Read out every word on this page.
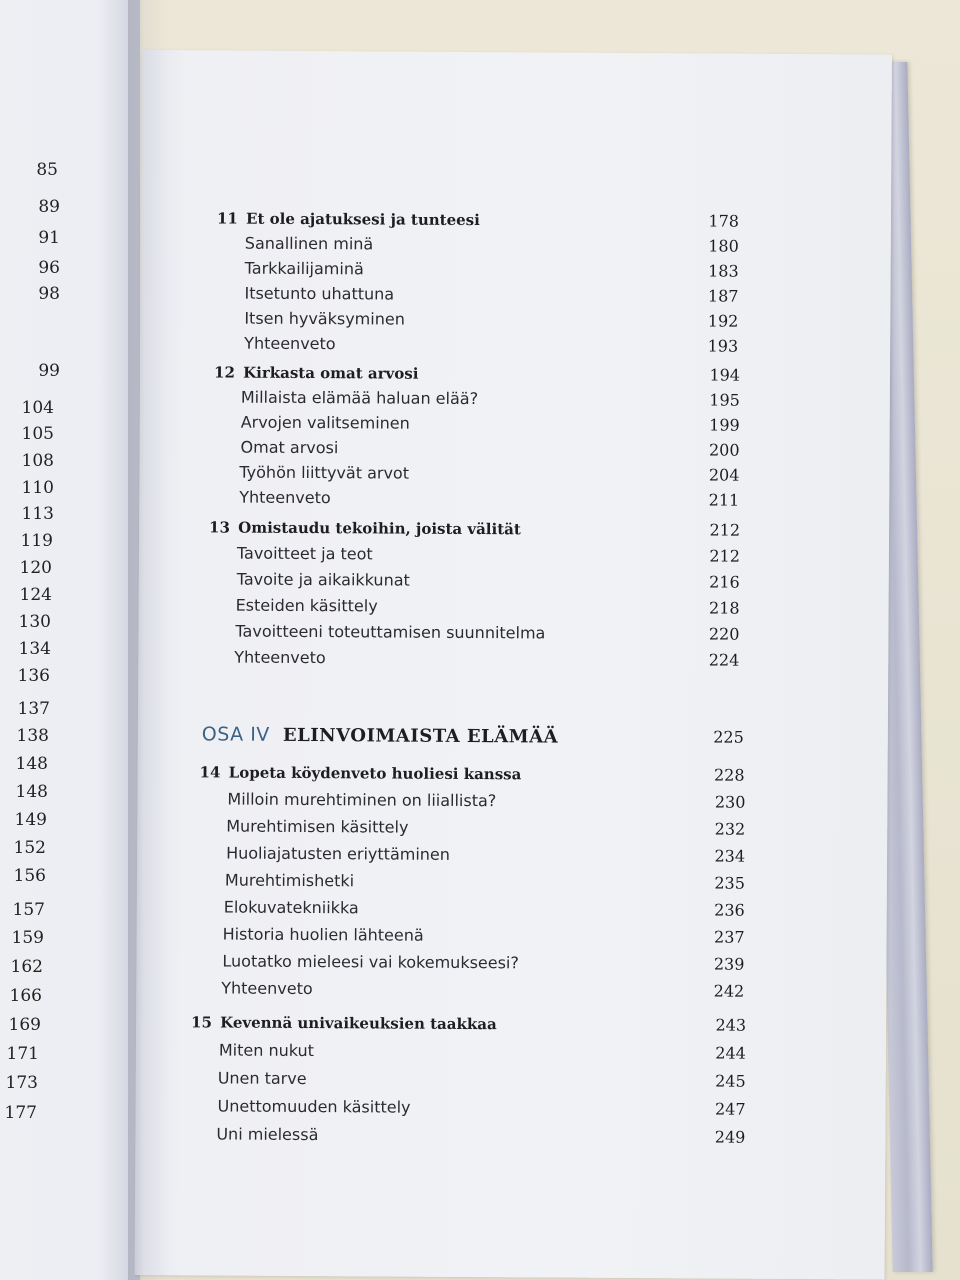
85
89
91
96
98
99
104
105
108
110
113
119
120
124
130
134
136
137
138
148
148
149
152
156
157
159
162
166
169
171
173
177
11 Et ole ajatuksesi ja tunteesi	178
Sanallinen minä	180
Tarkkailijaminä	183
Itsetunto uhattuna	187
Itsen hyväksyminen	192
Yhteenveto	193
12 Kirkasta omat arvosi	194
Millaista elämää haluan elää?	195
Arvojen valitseminen	199
Omat arvosi	200
Työhön liittyvät arvot	204
Yhteenveto	211
13 Omistaudu tekoihin, joista välität	212
Tavoitteet ja teot	212
Tavoite ja aikaikkunat	216
Esteiden käsittely	218
Tavoitteeni toteuttamisen suunnitelma	220
Yhteenveto	224
OSA IV ELINVOIMAISTA ELÄMÄÄ	225
14 Lopeta köydenveto huoliesi kanssa	228
Milloin murehtiminen on liiallista?	230
Murehtimisen käsittely	232
Huoliajatusten eriyttäminen	234
Murehtimishetki	235
Elokuvatekniikka	236
Historia huolien lähteenä	237
Luotatko mieleesi vai kokemukseesi?	239
Yhteenveto	242
15 Kevennä univaikeuksien taakkaa	243
Miten nukut	244
Unen tarve	245
Unettomuuden käsittely	247
Uni mielessä	249
